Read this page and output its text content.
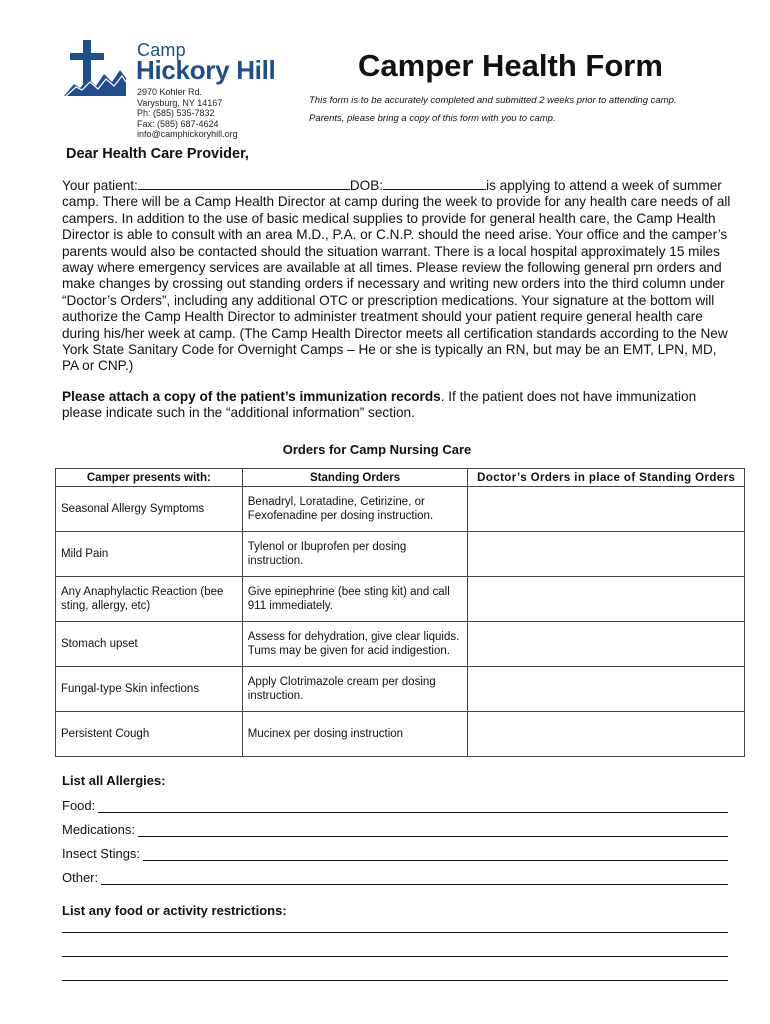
Camp
Hickory Hill
2970 Kohler Rd.
Varysburg, NY 14167
Ph: (585) 535-7832
Fax: (585) 687-4624
info@camphickoryhill.org
Camper Health Form
This form is to be accurately completed and submitted 2 weeks prior to attending camp.
Parents, please bring a copy of this form with you to camp.
Dear Health Care Provider,
Your patient:	DOB:	is applying to attend a week of summer camp. There will be a Camp Health Director at camp during the week to provide for any health care needs of all campers. In addition to the use of basic medical supplies to provide for general health care, the Camp Health Director is able to consult with an area M.D., P.A. or C.N.P. should the need arise. Your office and the camper’s parents would also be contacted should the situation warrant. There is a local hospital approximately 15 miles away where emergency services are available at all times. Please review the following general prn orders and make changes by crossing out standing orders if necessary and writing new orders into the third column under “Doctor’s Orders”, including any additional OTC or prescription medications. Your signature at the bottom will authorize the Camp Health Director to administer treatment should your patient require general health care during his/her week at camp. (The Camp Health Director meets all certification standards according to the New York State Sanitary Code for Overnight Camps – He or she is typically an RN, but may be an EMT, LPN, MD, PA or CNP.)
Please attach a copy of the patient’s immunization records. If the patient does not have immunization please indicate such in the “additional information” section.
Orders for Camp Nursing Care
Camper presents with:	Standing Orders	Doctor’s Orders in place of Standing Orders
Seasonal Allergy Symptoms	Benadryl, Loratadine, Cetirizine, or Fexofenadine per dosing instruction.	
Mild Pain	Tylenol or Ibuprofen per dosing instruction.	
Any Anaphylactic Reaction (bee sting, allergy, etc)	Give epinephrine (bee sting kit) and call 911 immediately.	
Stomach upset	Assess for dehydration, give clear liquids. Tums may be given for acid indigestion.	
Fungal-type Skin infections	Apply Clotrimazole cream per dosing instruction.	
Persistent Cough	Mucinex per dosing instruction	
List all Allergies:
Food:
Medications:
Insect Stings:
Other:
List any food or activity restrictions:
